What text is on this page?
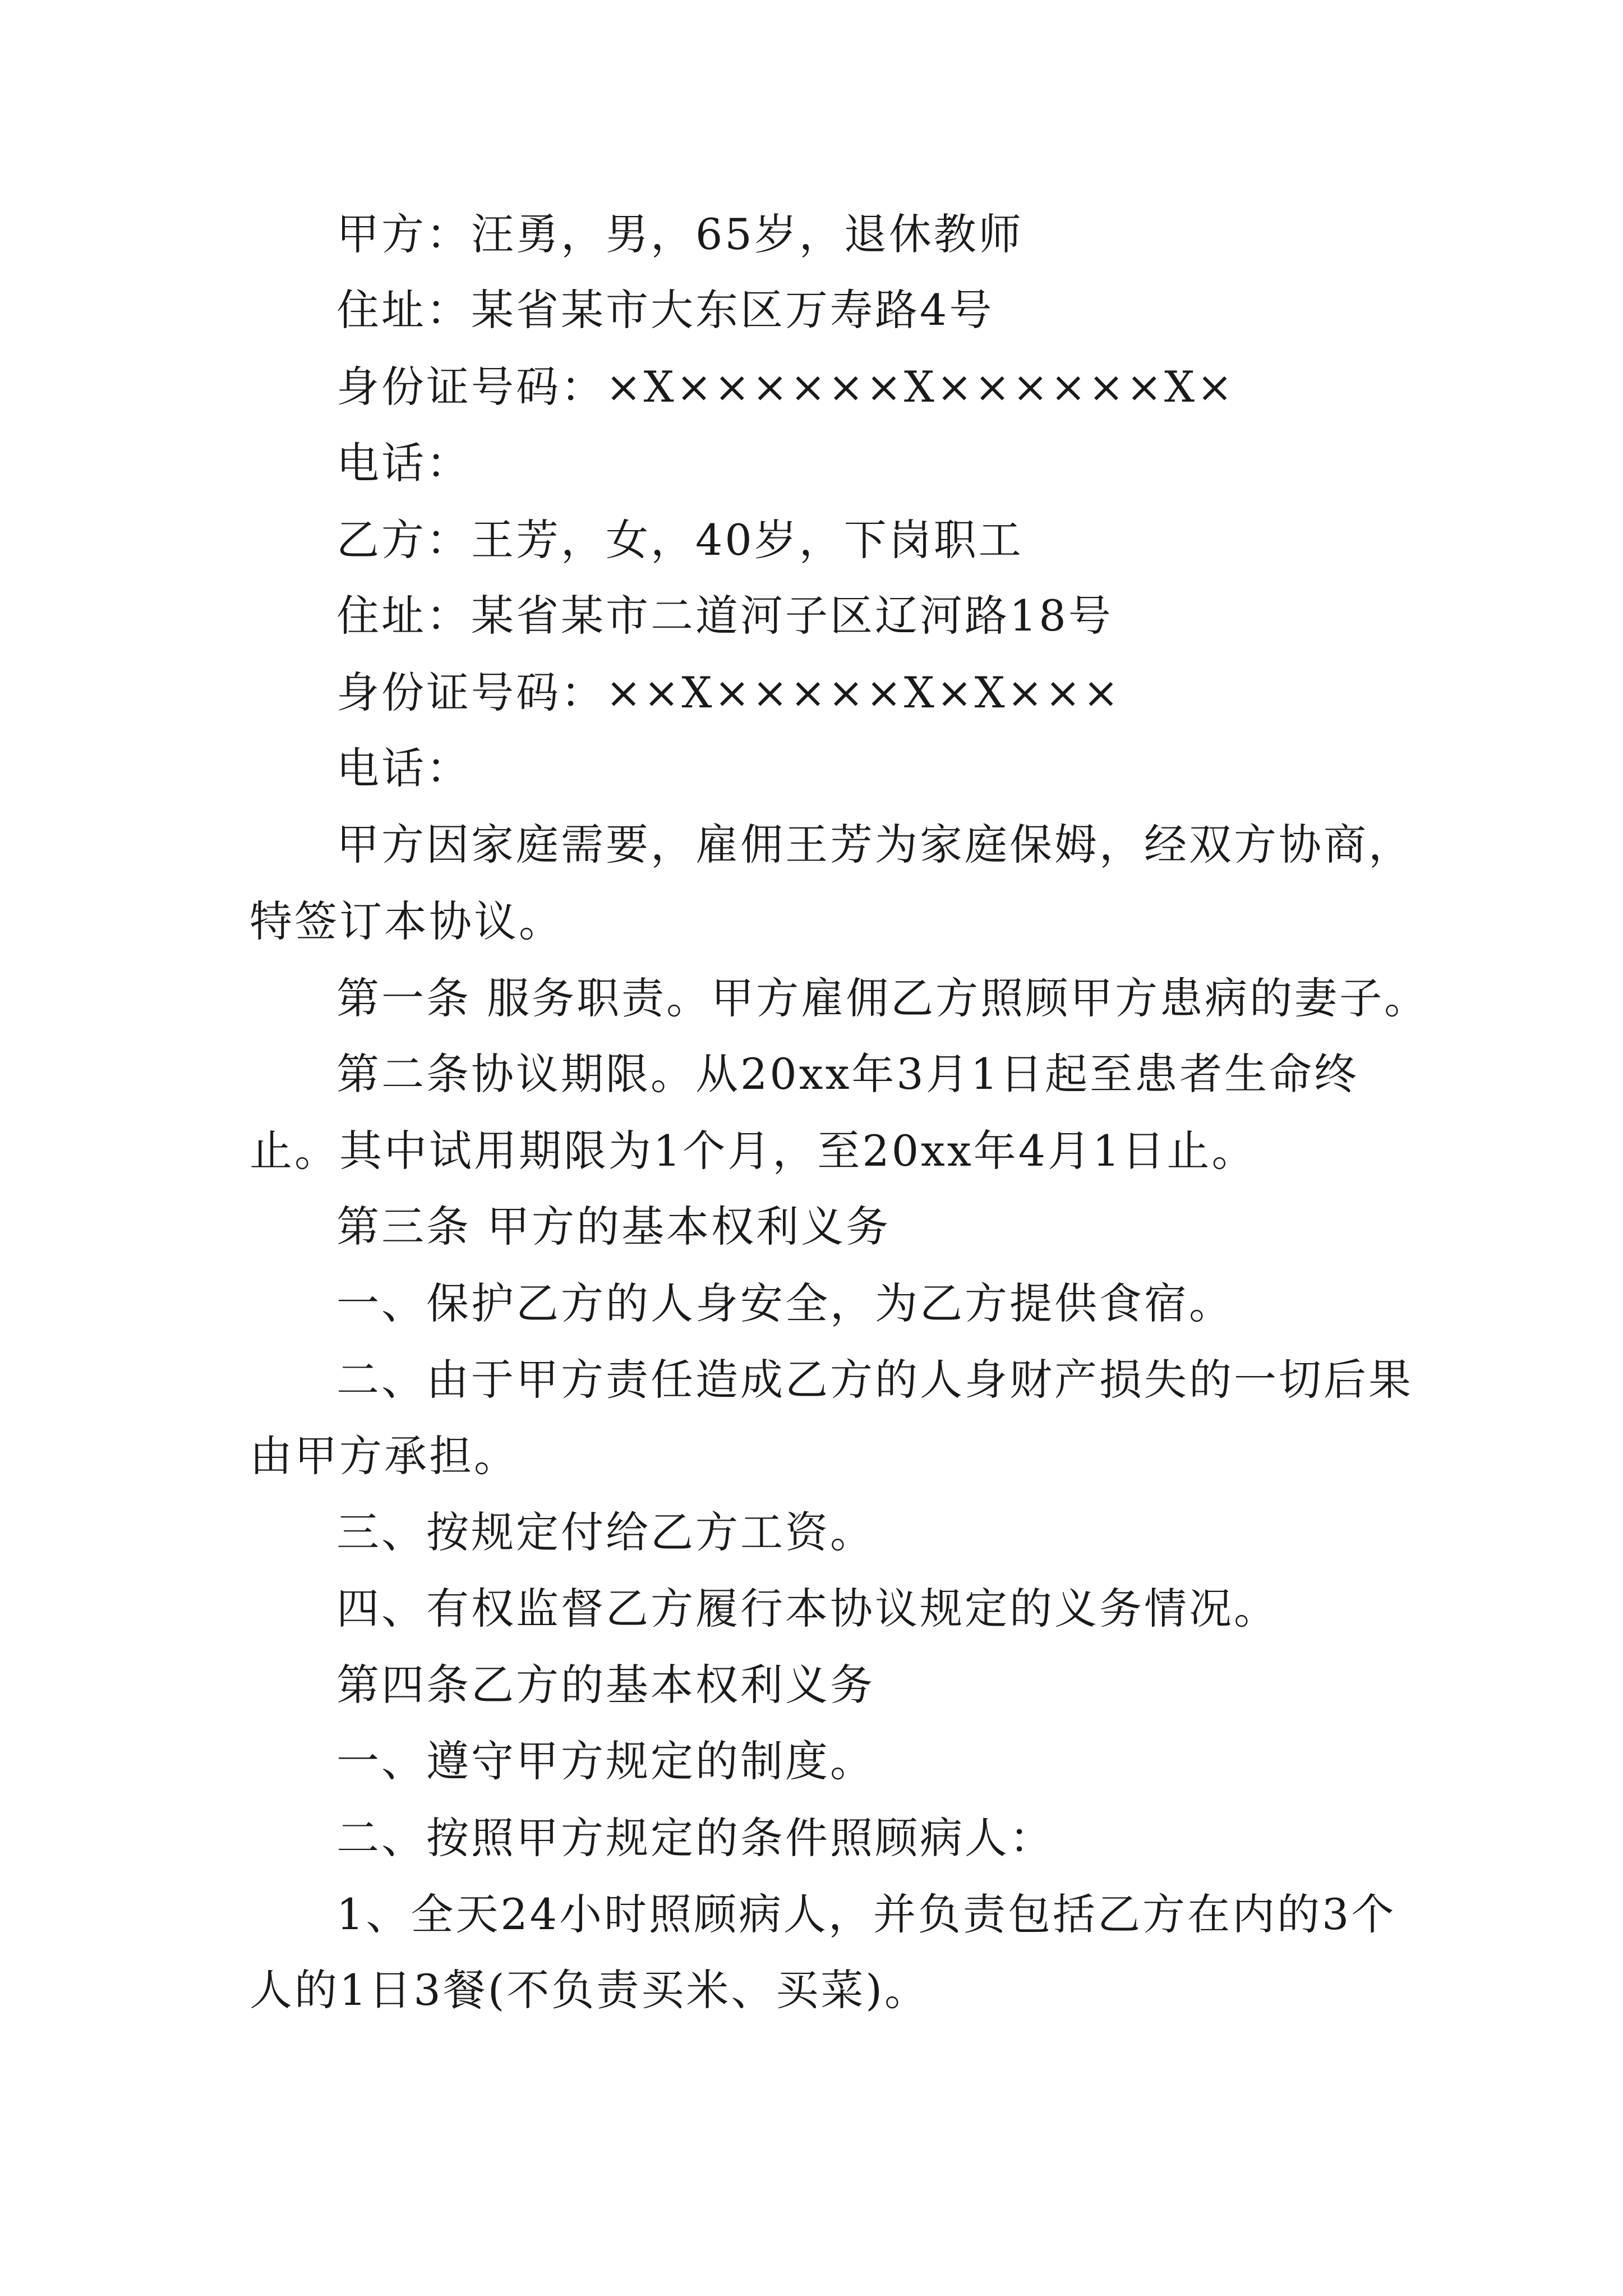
甲方：汪勇，男，65岁，退休教师
住址：某省某市大东区万寿路4号
身份证号码：×X××××××X××××××X×
电话：
乙方：王芳，女，40岁，下岗职工
住址：某省某市二道河子区辽河路18号
身份证号码：××X×××××X×X×××
电话：
甲方因家庭需要，雇佣王芳为家庭保姆，经双方协商，
特签订本协议。
第一条 服务职责。甲方雇佣乙方照顾甲方患病的妻子。
第二条协议期限。从20xx年3月1日起至患者生命终
止。其中试用期限为1个月，至20xx年4月1日止。
第三条 甲方的基本权利义务
一、保护乙方的人身安全，为乙方提供食宿。
二、由于甲方责任造成乙方的人身财产损失的一切后果
由甲方承担。
三、按规定付给乙方工资。
四、有权监督乙方履行本协议规定的义务情况。
第四条乙方的基本权利义务
一、遵守甲方规定的制度。
二、按照甲方规定的条件照顾病人：
1、全天24小时照顾病人，并负责包括乙方在内的3个
人的1日3餐(不负责买米、买菜)。
